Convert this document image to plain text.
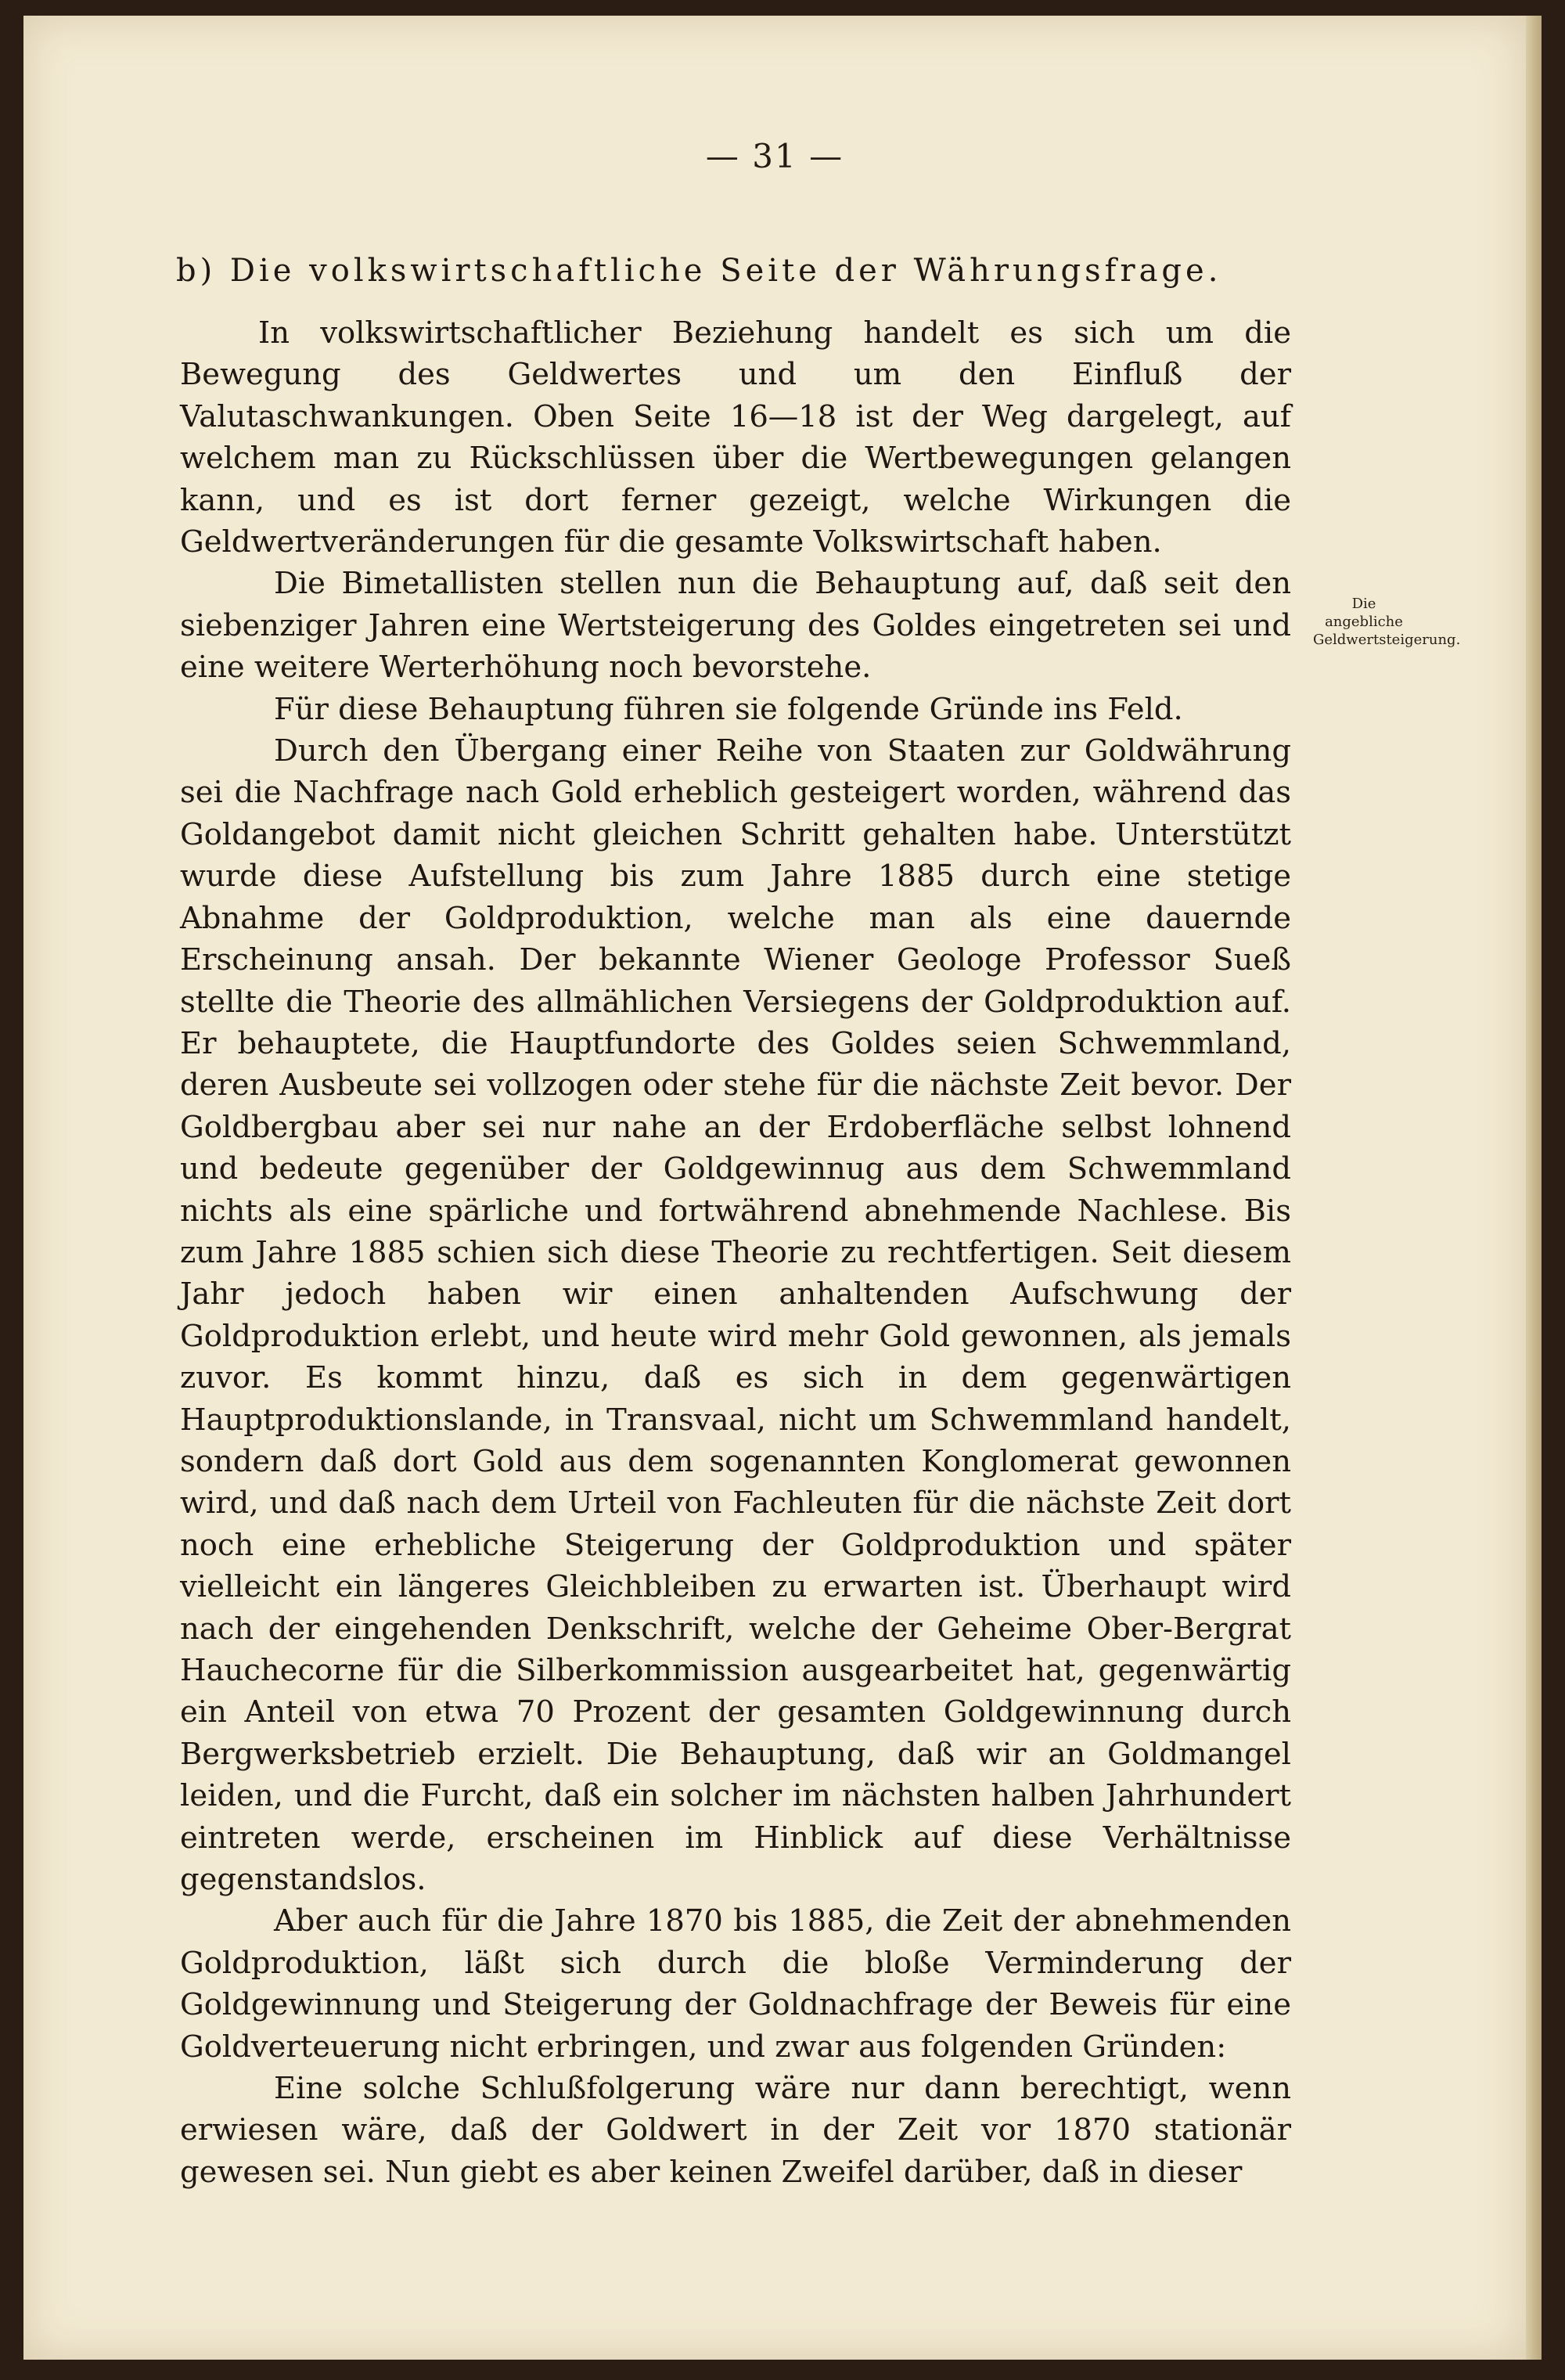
— 31 —

b) Die volkswirtschaftliche Seite der Währungsfrage.

In volkswirtschaftlicher Beziehung handelt es sich um die Bewegung des Geldwertes und um den Einfluß der Valutaschwankungen. Oben Seite 16—18 ist der Weg dargelegt, auf welchem man zu Rückschlüssen über die Wertbewegungen gelangen kann, und es ist dort ferner gezeigt, welche Wirkungen die Geldwertveränderungen für die gesamte Volkswirtschaft haben.

Die Bimetallisten stellen nun die Behauptung auf, daß seit den siebenziger Jahren eine Wertsteigerung des Goldes eingetreten sei und eine weitere Werterhöhung noch bevorstehe.

Für diese Behauptung führen sie folgende Gründe ins Feld.

Durch den Übergang einer Reihe von Staaten zur Goldwährung sei die Nachfrage nach Gold erheblich gesteigert worden, während das Goldangebot damit nicht gleichen Schritt gehalten habe. Unterstützt wurde diese Aufstellung bis zum Jahre 1885 durch eine stetige Abnahme der Goldproduktion, welche man als eine dauernde Erscheinung ansah. Der bekannte Wiener Geologe Professor Sueß stellte die Theorie des allmählichen Versiegens der Goldproduktion auf. Er behauptete, die Hauptfundorte des Goldes seien Schwemmland, deren Ausbeute sei vollzogen oder stehe für die nächste Zeit bevor. Der Goldbergbau aber sei nur nahe an der Erdoberfläche selbst lohnend und bedeute gegenüber der Goldgewinnug aus dem Schwemmland nichts als eine spärliche und fortwährend abnehmende Nachlese. Bis zum Jahre 1885 schien sich diese Theorie zu rechtfertigen. Seit diesem Jahr jedoch haben wir einen anhaltenden Aufschwung der Goldproduktion erlebt, und heute wird mehr Gold gewonnen, als jemals zuvor. Es kommt hinzu, daß es sich in dem gegenwärtigen Hauptproduktionslande, in Transvaal, nicht um Schwemmland handelt, sondern daß dort Gold aus dem sogenannten Konglomerat gewonnen wird, und daß nach dem Urteil von Fachleuten für die nächste Zeit dort noch eine erhebliche Steigerung der Goldproduktion und später vielleicht ein längeres Gleichbleiben zu erwarten ist. Überhaupt wird nach der eingehenden Denkschrift, welche der Geheime Ober-Bergrat Hauchecorne für die Silberkommission ausgearbeitet hat, gegenwärtig ein Anteil von etwa 70 Prozent der gesamten Goldgewinnung durch Bergwerksbetrieb erzielt. Die Behauptung, daß wir an Goldmangel leiden, und die Furcht, daß ein solcher im nächsten halben Jahrhundert eintreten werde, erscheinen im Hinblick auf diese Verhältnisse gegenstandslos.

Aber auch für die Jahre 1870 bis 1885, die Zeit der abnehmenden Goldproduktion, läßt sich durch die bloße Verminderung der Goldgewinnung und Steigerung der Goldnachfrage der Beweis für eine Goldverteuerung nicht erbringen, und zwar aus folgenden Gründen:

Eine solche Schlußfolgerung wäre nur dann berechtigt, wenn erwiesen wäre, daß der Goldwert in der Zeit vor 1870 stationär gewesen sei. Nun giebt es aber keinen Zweifel darüber, daß in dieser

Die angebliche Geldwertsteigerung.
